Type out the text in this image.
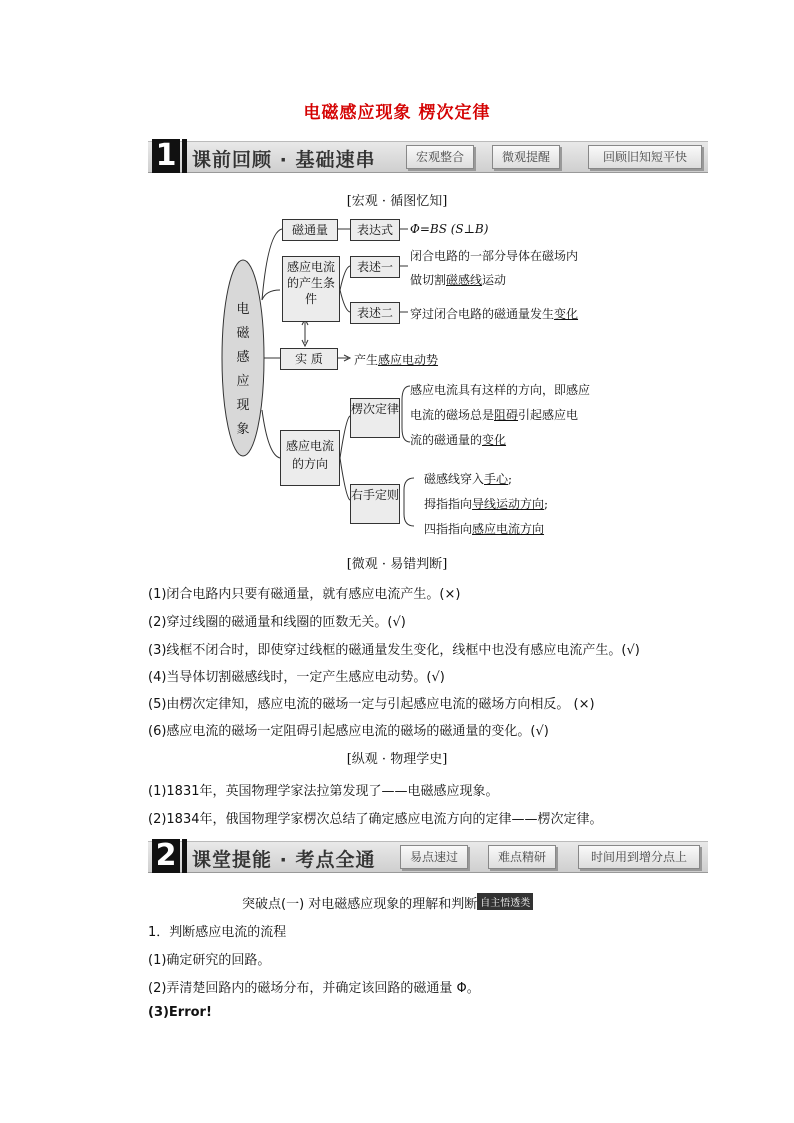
电磁感应现象 楞次定律
1 课前回顾 · 基础速串	宏观整合	微观提醒	回顾旧知短平快
[宏观 · 循图忆知]
电磁感应现象
磁通量	表达式	Φ=BS (S⊥B)
感应电流的产生条件
表述一
闭合电路的一部分导体在磁场内
做切割磁感线运动
表述二	穿过闭合电路的磁通量发生变化
实 质	产生感应电动势
感应电流的方向
楞次定律
感应电流具有这样的方向，即感应
电流的磁场总是阻碍引起感应电
流的磁通量的变化
右手定则
磁感线穿入手心;
拇指指向导线运动方向;
四指指向感应电流方向
[微观 · 易错判断]
(1)闭合电路内只要有磁通量，就有感应电流产生。(×)
(2)穿过线圈的磁通量和线圈的匝数无关。(√)
(3)线框不闭合时，即使穿过线框的磁通量发生变化，线框中也没有感应电流产生。(√)
(4)当导体切割磁感线时，一定产生感应电动势。(√)
(5)由楞次定律知，感应电流的磁场一定与引起感应电流的磁场方向相反。 (×)
(6)感应电流的磁场一定阻碍引起感应电流的磁场的磁通量的变化。(√)
[纵观 · 物理学史]
(1)1831年，英国物理学家法拉第发现了——电磁感应现象。
(2)1834年，俄国物理学家楞次总结了确定感应电流方向的定律——楞次定律。
2 课堂提能 · 考点全通	易点速过	难点精研	时间用到增分点上
突破点(一) 对电磁感应现象的理解和判断 自主悟透类
1．判断感应电流的流程
(1)确定研究的回路。
(2)弄清楚回路内的磁场分布，并确定该回路的磁通量 Φ。
(3)Error!
